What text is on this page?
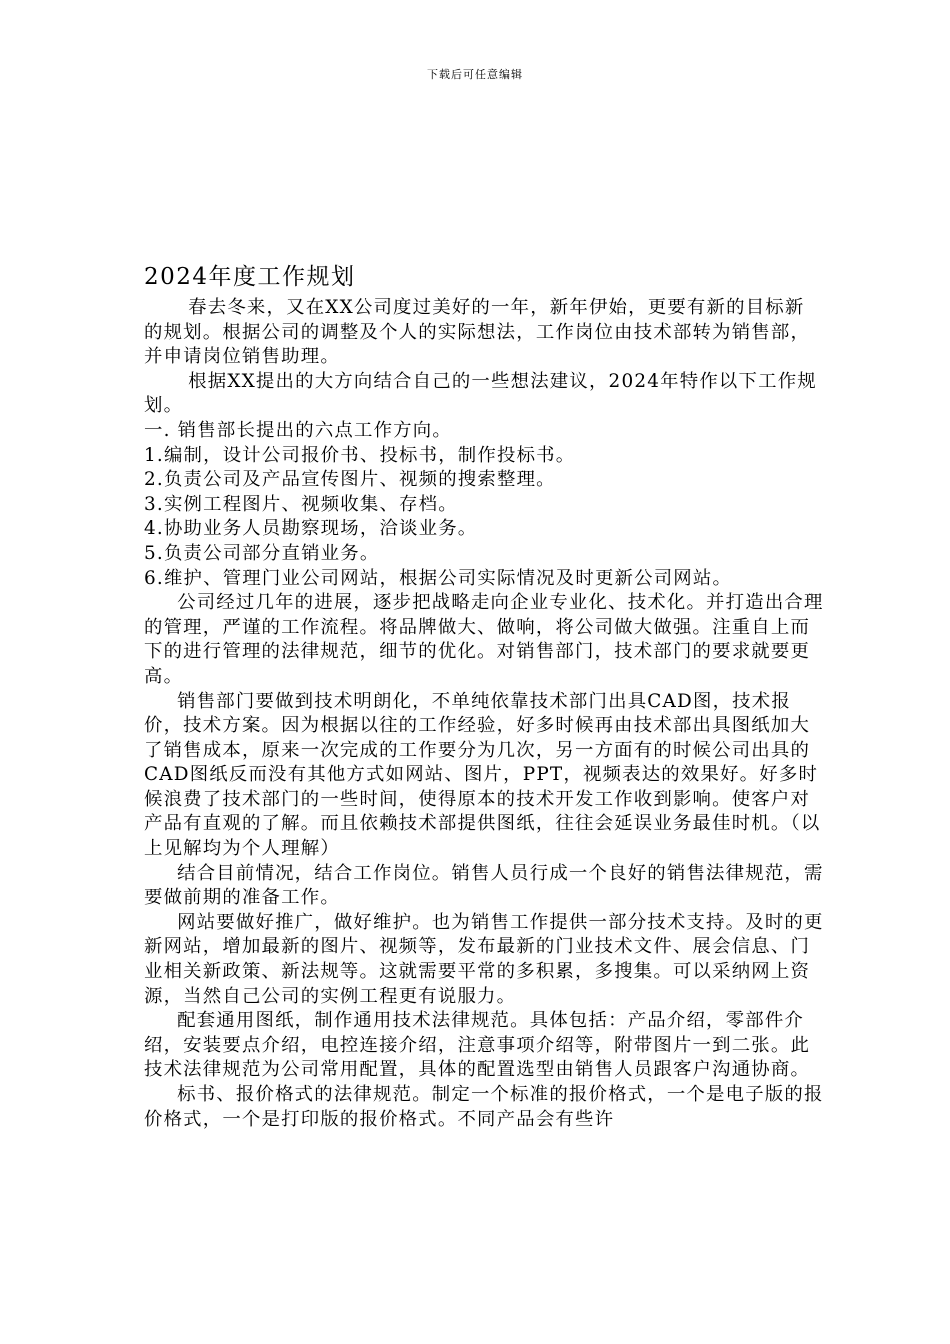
下载后可任意编辑
2024年度工作规划

春去冬来，又在XX公司度过美好的一年，新年伊始，更要有新的目标新的规划。根据公司的调整及个人的实际想法，工作岗位由技术部转为销售部，并申请岗位销售助理。

根据XX提出的大方向结合自己的一些想法建议，2024年特作以下工作规划。

一. 销售部长提出的六点工作方向。

1.编制，设计公司报价书、投标书，制作投标书。

2.负责公司及产品宣传图片、视频的搜索整理。

3.实例工程图片、视频收集、存档。

4.协助业务人员勘察现场，洽谈业务。

5.负责公司部分直销业务。

6.维护、管理门业公司网站，根据公司实际情况及时更新公司网站。

公司经过几年的进展，逐步把战略走向企业专业化、技术化。并打造出合理的管理，严谨的工作流程。将品牌做大、做响，将公司做大做强。注重自上而下的进行管理的法律规范，细节的优化。对销售部门，技术部门的要求就要更高。

销售部门要做到技术明朗化，不单纯依靠技术部门出具CAD图，技术报价，技术方案。因为根据以往的工作经验，好多时候再由技术部出具图纸加大了销售成本，原来一次完成的工作要分为几次，另一方面有的时候公司出具的CAD图纸反而没有其他方式如网站、图片，PPT，视频表达的效果好。好多时候浪费了技术部门的一些时间，使得原本的技术开发工作收到影响。使客户对产品有直观的了解。而且依赖技术部提供图纸，往往会延误业务最佳时机。（以上见解均为个人理解）

结合目前情况，结合工作岗位。销售人员行成一个良好的销售法律规范，需要做前期的准备工作。

网站要做好推广，做好维护。也为销售工作提供一部分技术支持。及时的更新网站，增加最新的图片、视频等，发布最新的门业技术文件、展会信息、门业相关新政策、新法规等。这就需要平常的多积累，多搜集。可以采纳网上资源，当然自己公司的实例工程更有说服力。

配套通用图纸，制作通用技术法律规范。具体包括：产品介绍，零部件介绍，安装要点介绍，电控连接介绍，注意事项介绍等，附带图片一到二张。此技术法律规范为公司常用配置，具体的配置选型由销售人员跟客户沟通协商。

标书、报价格式的法律规范。制定一个标准的报价格式，一个是电子版的报价格式，一个是打印版的报价格式。不同产品会有些许
